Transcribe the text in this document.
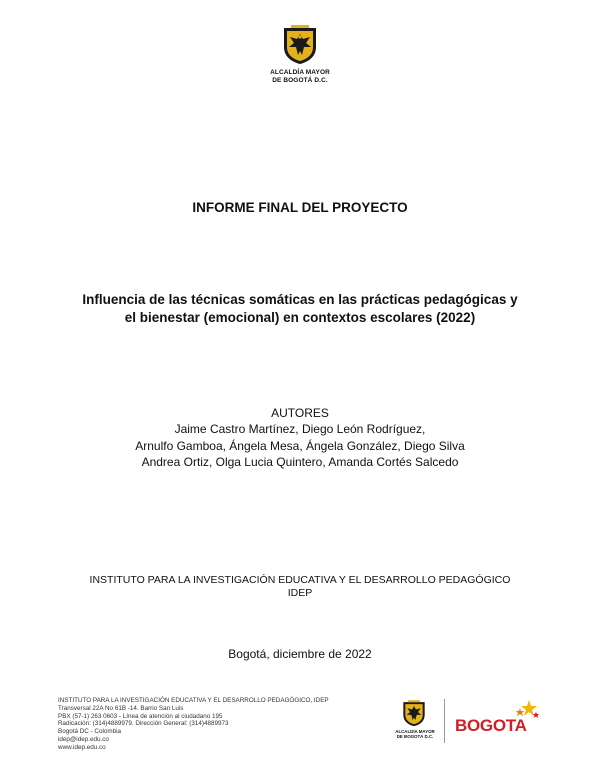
ALCALDÍA MAYOR
DE BOGOTÁ D.C.
INFORME FINAL DEL PROYECTO
Influencia de las técnicas somáticas en las prácticas pedagógicas y
el bienestar (emocional) en contextos escolares (2022)
AUTORES
Jaime Castro Martínez, Diego León Rodríguez,
Arnulfo Gamboa, Ángela Mesa, Ángela González, Diego Silva
Andrea Ortiz, Olga Lucia Quintero, Amanda Cortés Salcedo
INSTITUTO PARA LA INVESTIGACIÓN EDUCATIVA Y EL DESARROLLO PEDAGÓGICO
IDEP
Bogotá, diciembre de 2022
INSTITUTO PARA LA INVESTIGACIÓN EDUCATIVA Y EL DESARROLLO PEDAGÓGICO, IDEP
Transversal 22A No 61B -14. Barrio San Luis
PBX (57-1) 263 0603 - Línea de atención al ciudadano 195
Radicación: (314)4889979. Dirección General: (314)4889973
Bogotá DC - Colombia
idep@idep.edu.co
www.idep.edu.co
ALCALDÍA MAYOR
DE BOGOTÁ D.C.
BOGOTA
